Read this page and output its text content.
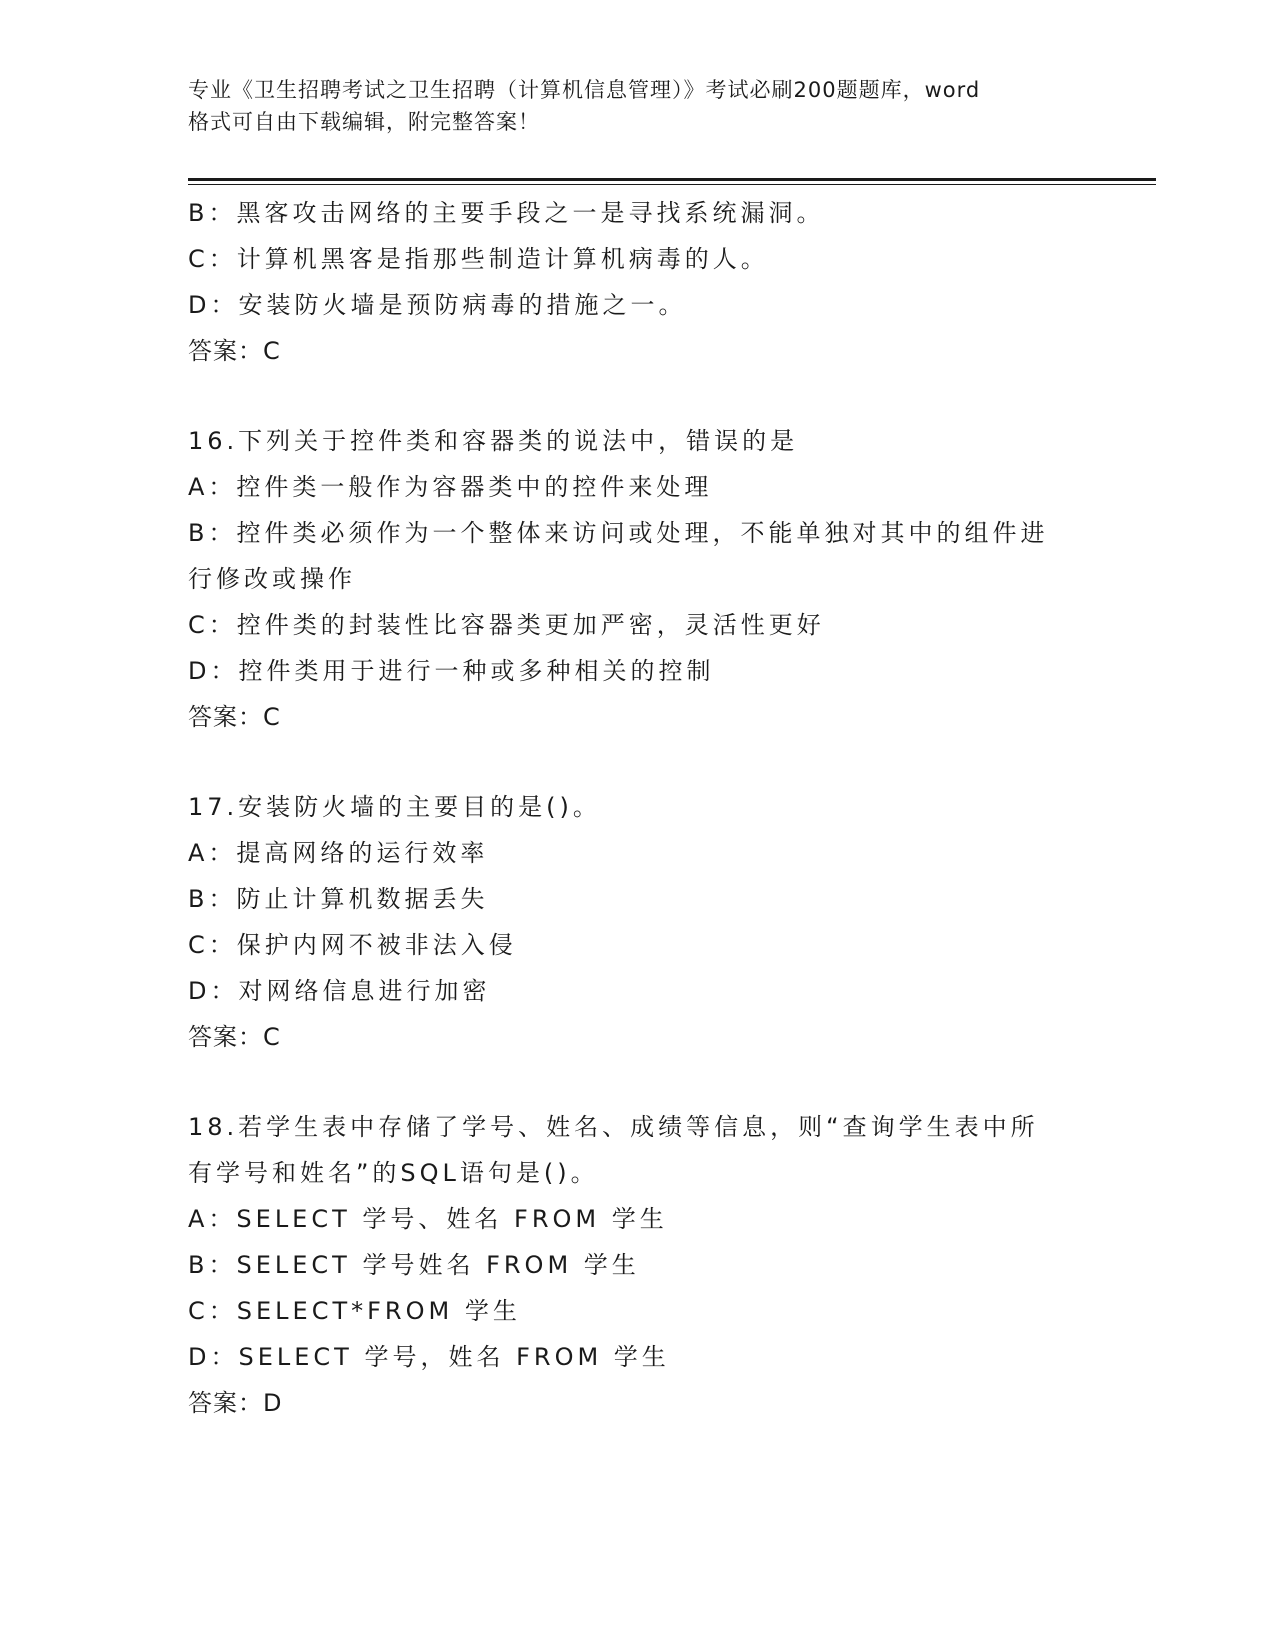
专业《卫生招聘考试之卫生招聘（计算机信息管理）》考试必刷200题题库，word
格式可自由下载编辑，附完整答案！
B：黑客攻击网络的主要手段之一是寻找系统漏洞。
C：计算机黑客是指那些制造计算机病毒的人。
D：安装防火墙是预防病毒的措施之一。
答案：C
16.下列关于控件类和容器类的说法中，错误的是
A：控件类一般作为容器类中的控件来处理
B：控件类必须作为一个整体来访问或处理，不能单独对其中的组件进
行修改或操作
C：控件类的封装性比容器类更加严密，灵活性更好
D：控件类用于进行一种或多种相关的控制
答案：C
17.安装防火墙的主要目的是()。
A：提高网络的运行效率
B：防止计算机数据丢失
C：保护内网不被非法入侵
D：对网络信息进行加密
答案：C
18.若学生表中存储了学号、姓名、成绩等信息，则“查询学生表中所
有学号和姓名”的SQL语句是()。
A：SELECT 学号、姓名 FROM 学生
B：SELECT 学号姓名 FROM 学生
C：SELECT*FROM 学生
D：SELECT 学号，姓名 FROM 学生
答案：D
